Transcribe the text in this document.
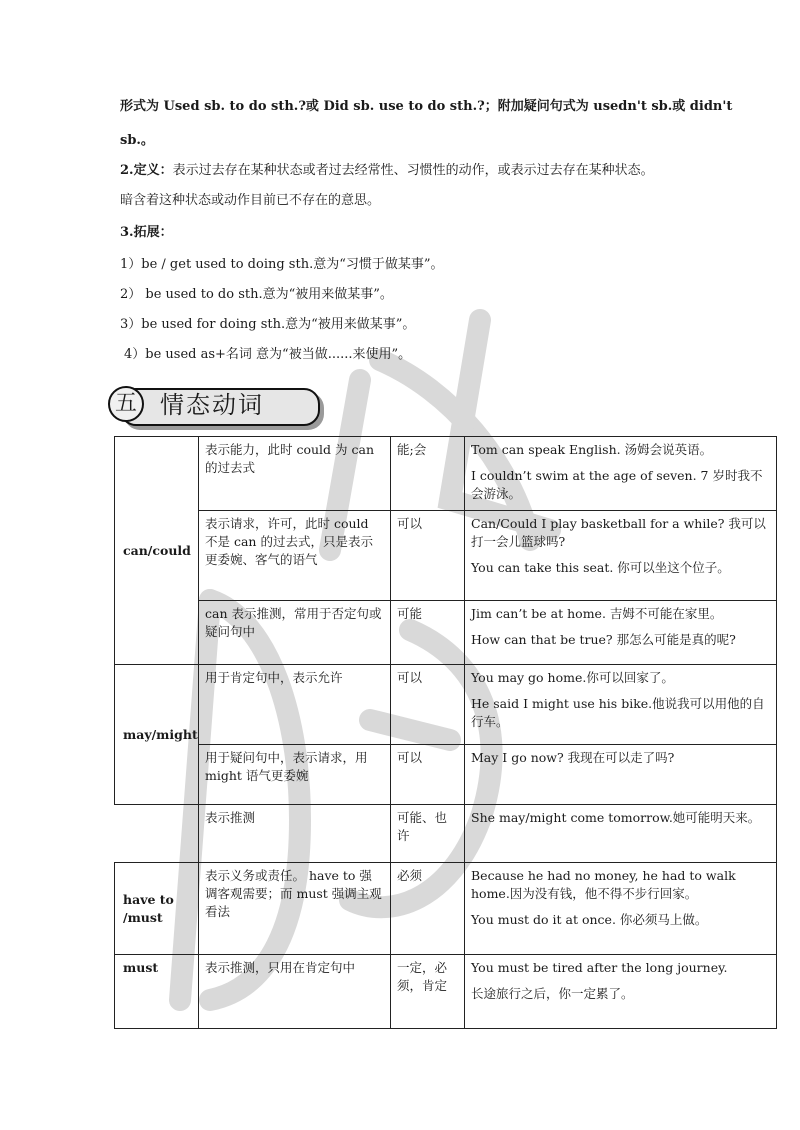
形式为 Used sb. to do sth.?或 Did sb. use to do sth.?；附加疑问句式为 usedn't sb.或 didn't
sb.。
2.定义：表示过去存在某种状态或者过去经常性、习惯性的动作，或表示过去存在某种状态。
暗含着这种状态或动作目前已不存在的意思。
3.拓展：
1）be / get used to doing sth.意为“习惯于做某事”。
2） be used to do sth.意为“被用来做某事”。
3）be used for doing sth.意为“被用来做某事”。
4）be used as+名词 意为“被当做......来使用”。
五 情态动词
can/could	表示能力，此时 could 为 can 的过去式	能;会	Tom can speak English. 汤姆会说英语。

I couldn’t swim at the age of seven. 7 岁时我不会游泳。

	表示请求，许可，此时 could 不是 can 的过去式，只是表示更委婉、客气的语气	可以	Can/Could I play basketball for a while? 我可以打一会儿篮球吗?

You can take this seat. 你可以坐这个位子。

	can 表示推测，常用于否定句或疑问句中	可能	Jim can’t be at home. 吉姆不可能在家里。

How can that be true? 那怎么可能是真的呢?

may/might	用于肯定句中，表示允许	可以	You may go home.你可以回家了。

He said I might use his bike.他说我可以用他的自行车。

	用于疑问句中，表示请求，用 might 语气更委婉	可以	May I go now? 我现在可以走了吗?

	表示推测	可能、也许	She may/might come tomorrow.她可能明天来。

have to /must	表示义务或责任。 have to 强调客观需要；而 must 强调主观看法	必须	Because he had no money, he had to walk home.因为没有钱，他不得不步行回家。

You must do it at once. 你必须马上做。

must	表示推测，只用在肯定句中	一定，必须，肯定	You must be tired after the long journey.

长途旅行之后，你一定累了。
